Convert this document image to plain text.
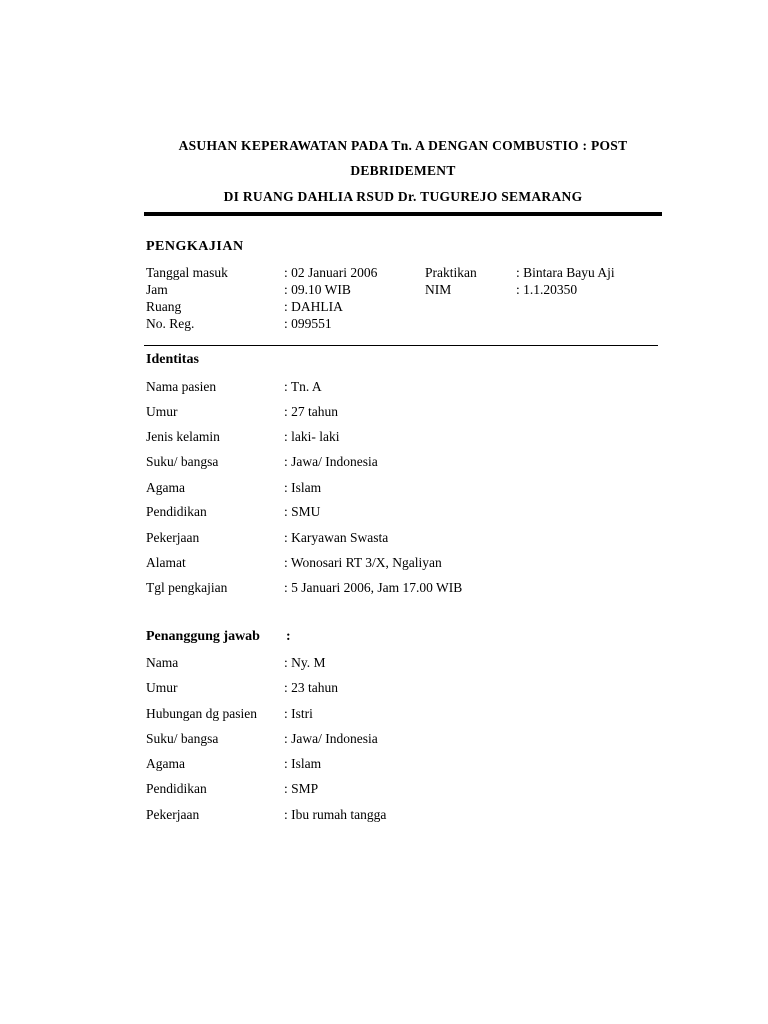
ASUHAN KEPERAWATAN PADA Tn. A DENGAN COMBUSTIO : POST
DEBRIDEMENT
DI RUANG DAHLIA RSUD Dr. TUGUREJO SEMARANG
PENGKAJIAN
Tanggal masuk	: 02 Januari 2006	Praktikan	: Bintara Bayu Aji
Jam	: 09.10 WIB	NIM	: 1.1.20350
Ruang	: DAHLIA
No. Reg.	: 099551
Identitas
Nama pasien	: Tn. A
Umur	: 27 tahun
Jenis kelamin	: laki- laki
Suku/ bangsa	: Jawa/ Indonesia
Agama	: Islam
Pendidikan	: SMU
Pekerjaan	: Karyawan Swasta
Alamat	: Wonosari RT 3/X, Ngaliyan
Tgl pengkajian	: 5 Januari 2006, Jam 17.00 WIB
Penanggung jawab :
Nama	: Ny. M
Umur	: 23 tahun
Hubungan dg pasien : Istri
Suku/ bangsa	: Jawa/ Indonesia
Agama	: Islam
Pendidikan	: SMP
Pekerjaan	: Ibu rumah tangga
